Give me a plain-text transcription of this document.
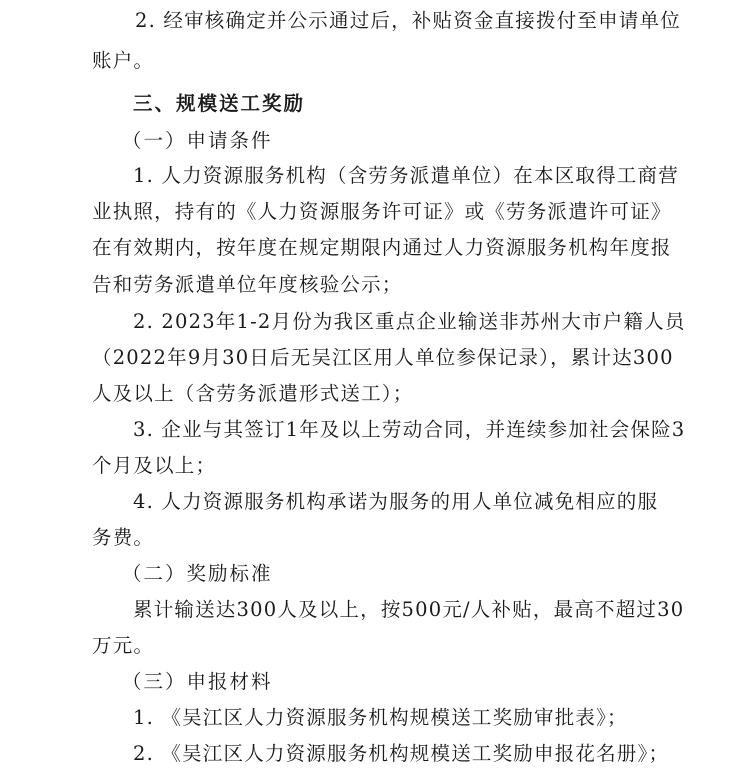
2. 经审核确定并公示通过后，补贴资金直接拨付至申请单位
账户。
三、规模送工奖励
（一）申请条件
1. 人力资源服务机构（含劳务派遣单位）在本区取得工商营
业执照，持有的《人力资源服务许可证》或《劳务派遣许可证》
在有效期内，按年度在规定期限内通过人力资源服务机构年度报
告和劳务派遣单位年度核验公示；
2. 2023年1-2月份为我区重点企业输送非苏州大市户籍人员
（2022年9月30日后无吴江区用人单位参保记录），累计达300
人及以上（含劳务派遣形式送工）；
3. 企业与其签订1年及以上劳动合同，并连续参加社会保险3
个月及以上；
4. 人力资源服务机构承诺为服务的用人单位减免相应的服
务费。
（二）奖励标准
累计输送达300人及以上，按500元/人补贴，最高不超过30
万元。
（三）申报材料
1. 《吴江区人力资源服务机构规模送工奖励审批表》；
2. 《吴江区人力资源服务机构规模送工奖励申报花名册》；
